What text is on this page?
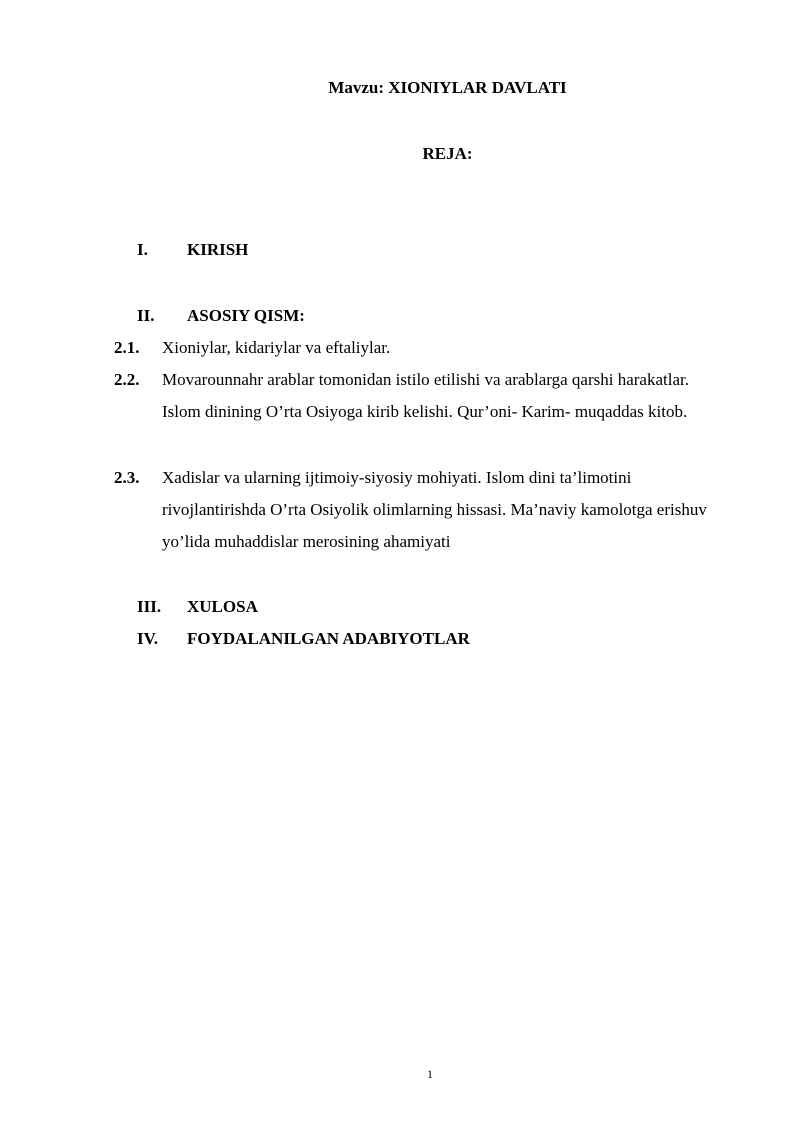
Mavzu: XIONIYLAR DAVLATI
REJA:
I. KIRISH
II. ASOSIY QISM:
2.1. Xioniylar, kidariylar va eftaliylar.
2.2. Movarounnahr arablar tomonidan istilo etilishi va arablarga qarshi harakatlar. Islom dinining O’rta Osiyoga kirib kelishi. Qur’oni- Karim- muqaddas kitob.
2.3. Xadislar va ularning ijtimoiy-siyosiy mohiyati. Islom dini ta’limotini rivojlantirishda O’rta Osiyolik olimlarning hissasi. Ma’naviy kamolotga erishuv yo’lida muhaddislar merosining ahamiyati
III. XULOSA
IV. FOYDALANILGAN ADABIYOTLAR
1
